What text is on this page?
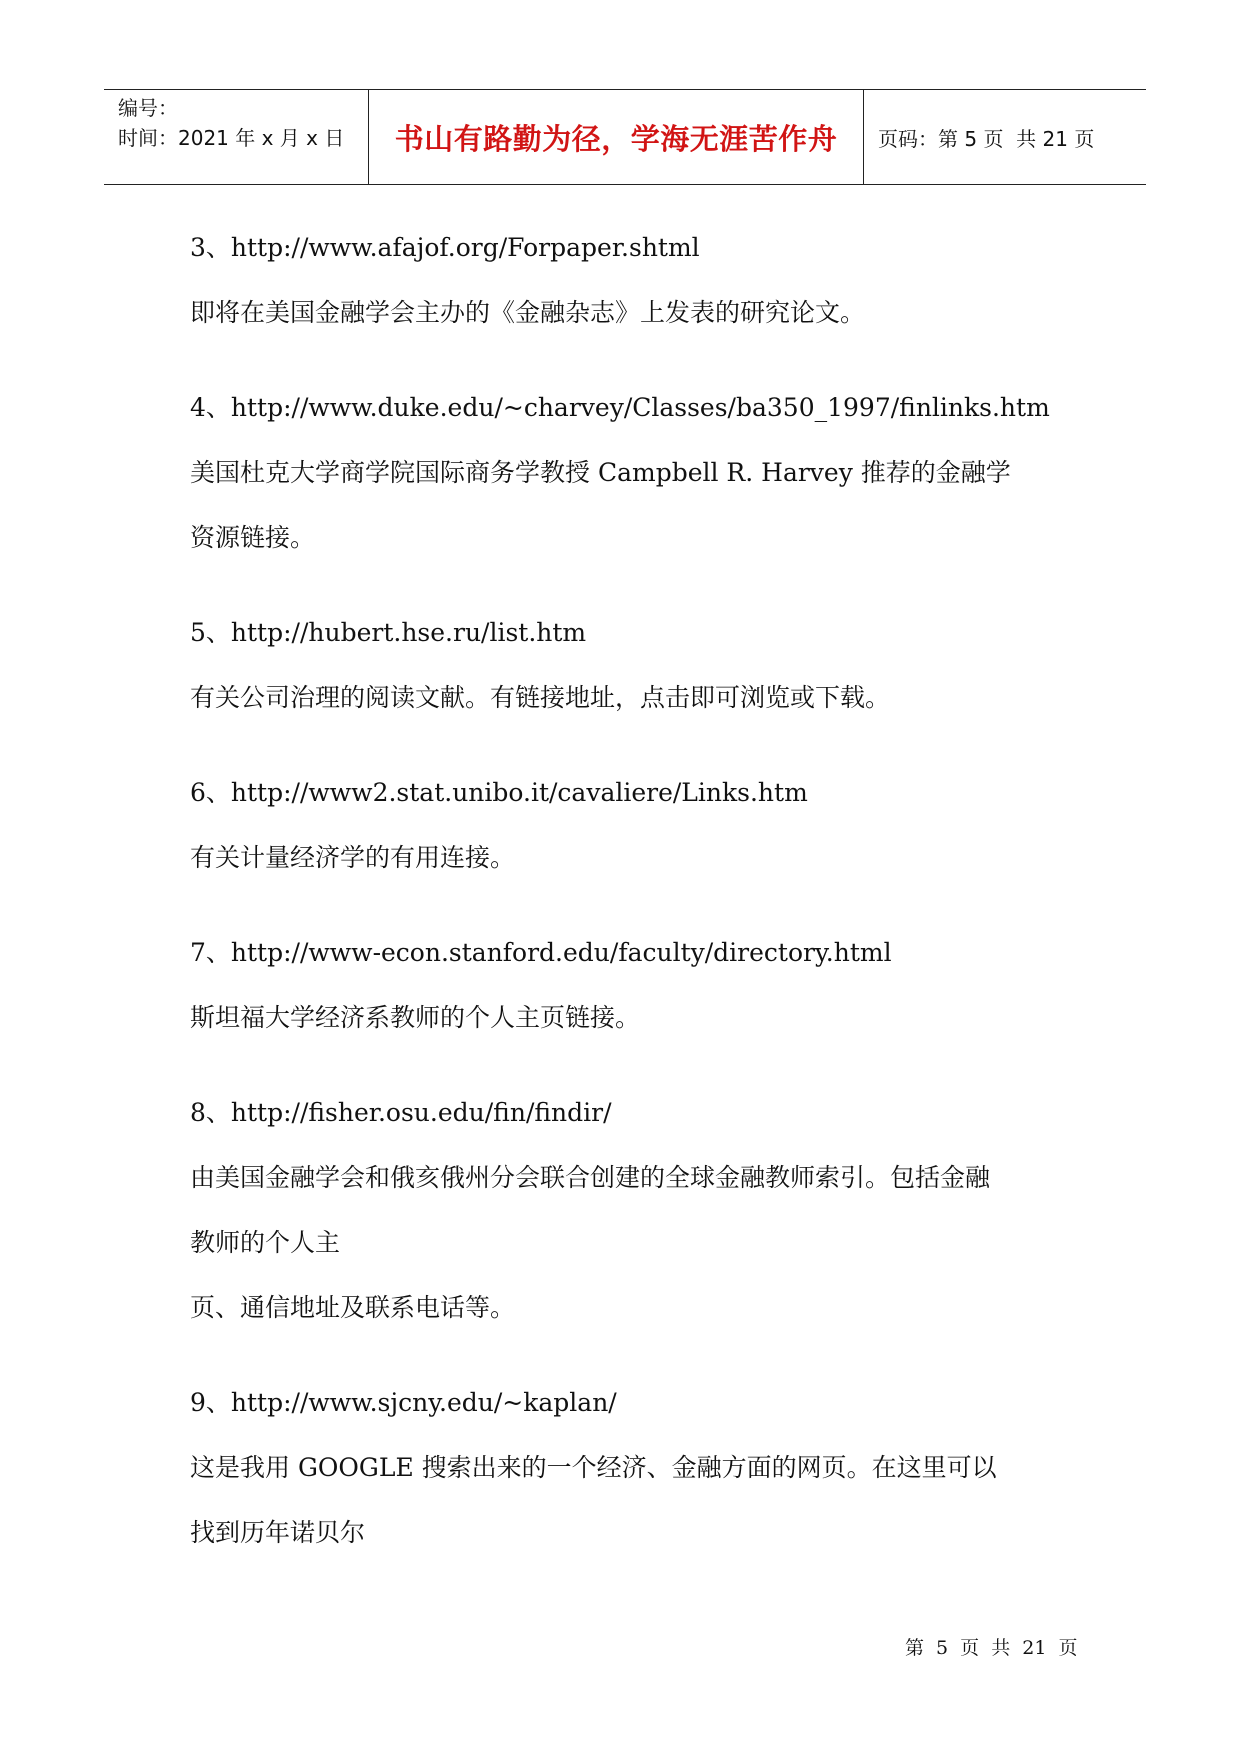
编号：
时间：2021 年 x 月 x 日	书山有路勤为径，学海无涯苦作舟	页码：第 5 页  共 21 页
3、http://www.afajof.org/Forpaper.shtml
即将在美国金融学会主办的《金融杂志》上发表的研究论文。
4、http://www.duke.edu/~charvey/Classes/ba350_1997/finlinks.htm
美国杜克大学商学院国际商务学教授 Campbell R. Harvey 推荐的金融学
资源链接。
5、http://hubert.hse.ru/list.htm
有关公司治理的阅读文献。有链接地址，点击即可浏览或下载。
6、http://www2.stat.unibo.it/cavaliere/Links.htm
有关计量经济学的有用连接。
7、http://www-econ.stanford.edu/faculty/directory.html
斯坦福大学经济系教师的个人主页链接。
8、http://fisher.osu.edu/fin/findir/
由美国金融学会和俄亥俄州分会联合创建的全球金融教师索引。包括金融
教师的个人主
页、通信地址及联系电话等。
9、http://www.sjcny.edu/~kaplan/
这是我用 GOOGLE 搜索出来的一个经济、金融方面的网页。在这里可以
找到历年诺贝尔
第 5 页 共 21 页
